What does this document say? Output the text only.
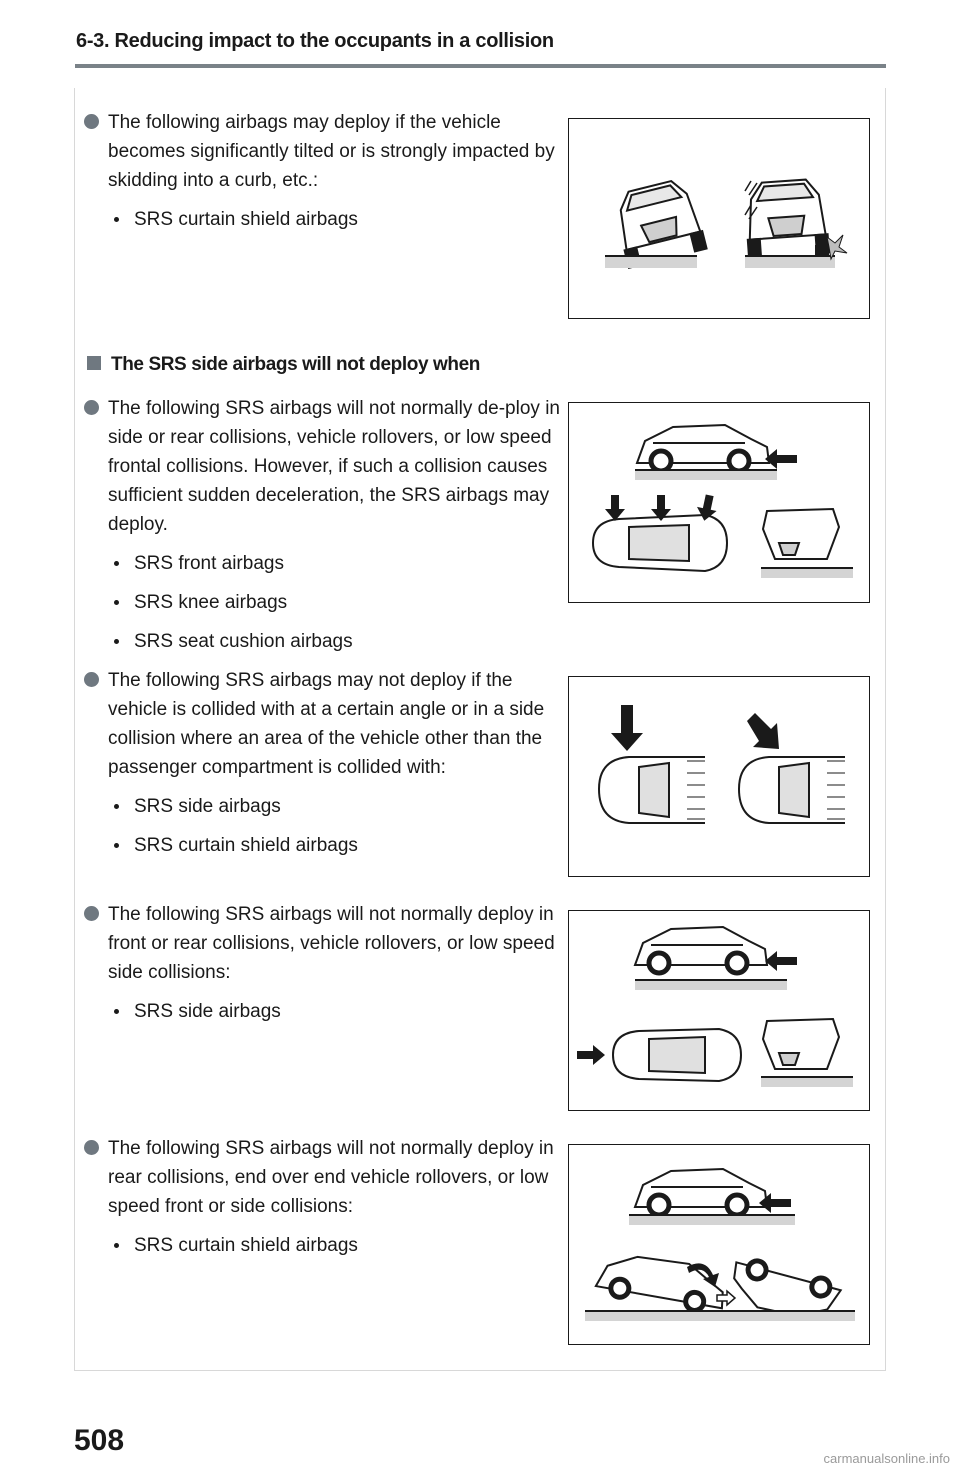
6-3. Reducing impact to the occupants in a collision
The following airbags may deploy if the vehicle becomes significantly tilted or is strongly impacted by skidding into a curb, etc.:
SRS curtain shield airbags
The SRS side airbags will not deploy when
The following SRS airbags will not normally de-ploy in side or rear collisions, vehicle rollovers, or low speed frontal collisions. However, if such a collision causes sufficient sudden deceleration, the SRS airbags may deploy.
SRS front airbags
SRS knee airbags
SRS seat cushion airbags
The following SRS airbags may not deploy if the vehicle is collided with at a certain angle or in a side collision where an area of the vehicle other than the passenger compartment is collided with:
SRS side airbags
SRS curtain shield airbags
The following SRS airbags will not normally deploy in front or rear collisions, vehicle rollovers, or low speed side collisions:
SRS side airbags
The following SRS airbags will not normally deploy in rear collisions, end over end vehicle rollovers, or low speed front or side collisions:
SRS curtain shield airbags
508
carmanualsonline.info
